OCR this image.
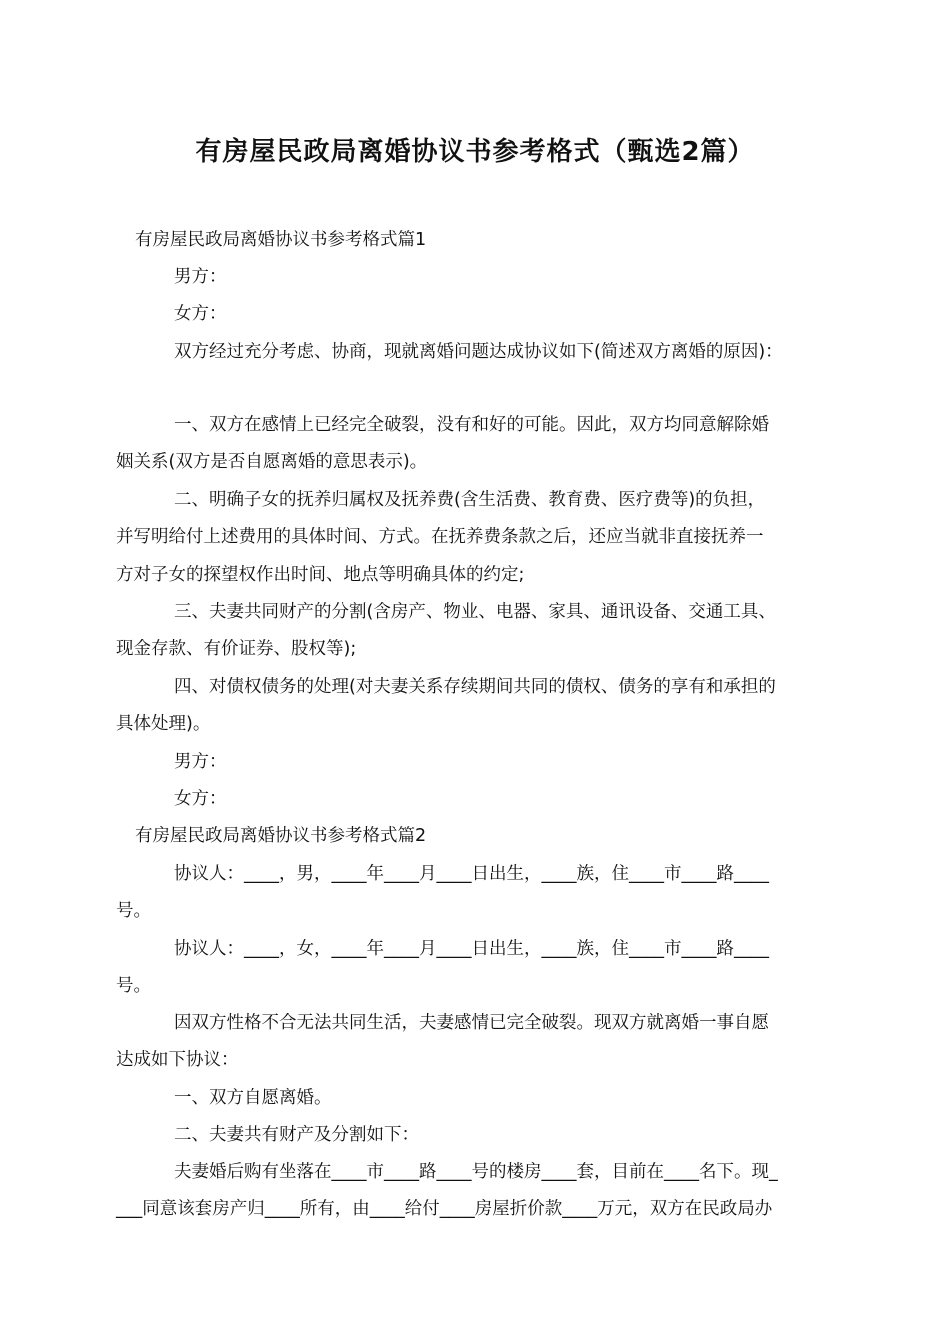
有房屋民政局离婚协议书参考格式（甄选2篇）
有房屋民政局离婚协议书参考格式篇1
男方：
女方：
双方经过充分考虑、协商，现就离婚问题达成协议如下(简述双方离婚的原因)：
一、双方在感情上已经完全破裂，没有和好的可能。因此，双方均同意解除婚
姻关系(双方是否自愿离婚的意思表示)。
二、明确子女的抚养归属权及抚养费(含生活费、教育费、医疗费等)的负担，
并写明给付上述费用的具体时间、方式。在抚养费条款之后，还应当就非直接抚养一
方对子女的探望权作出时间、地点等明确具体的约定;
三、夫妻共同财产的分割(含房产、物业、电器、家具、通讯设备、交通工具、
现金存款、有价证券、股权等);
四、对债权债务的处理(对夫妻关系存续期间共同的债权、债务的享有和承担的
具体处理)。
男方：
女方：
有房屋民政局离婚协议书参考格式篇2
协议人：____，男，____年____月____日出生，____族，住____市____路____
号。
协议人：____，女，____年____月____日出生，____族，住____市____路____
号。
因双方性格不合无法共同生活，夫妻感情已完全破裂。现双方就离婚一事自愿
达成如下协议：
一、双方自愿离婚。
二、夫妻共有财产及分割如下：
夫妻婚后购有坐落在____市____路____号的楼房____套，目前在____名下。现_
___同意该套房产归____所有，由____给付____房屋折价款____万元，双方在民政局办
